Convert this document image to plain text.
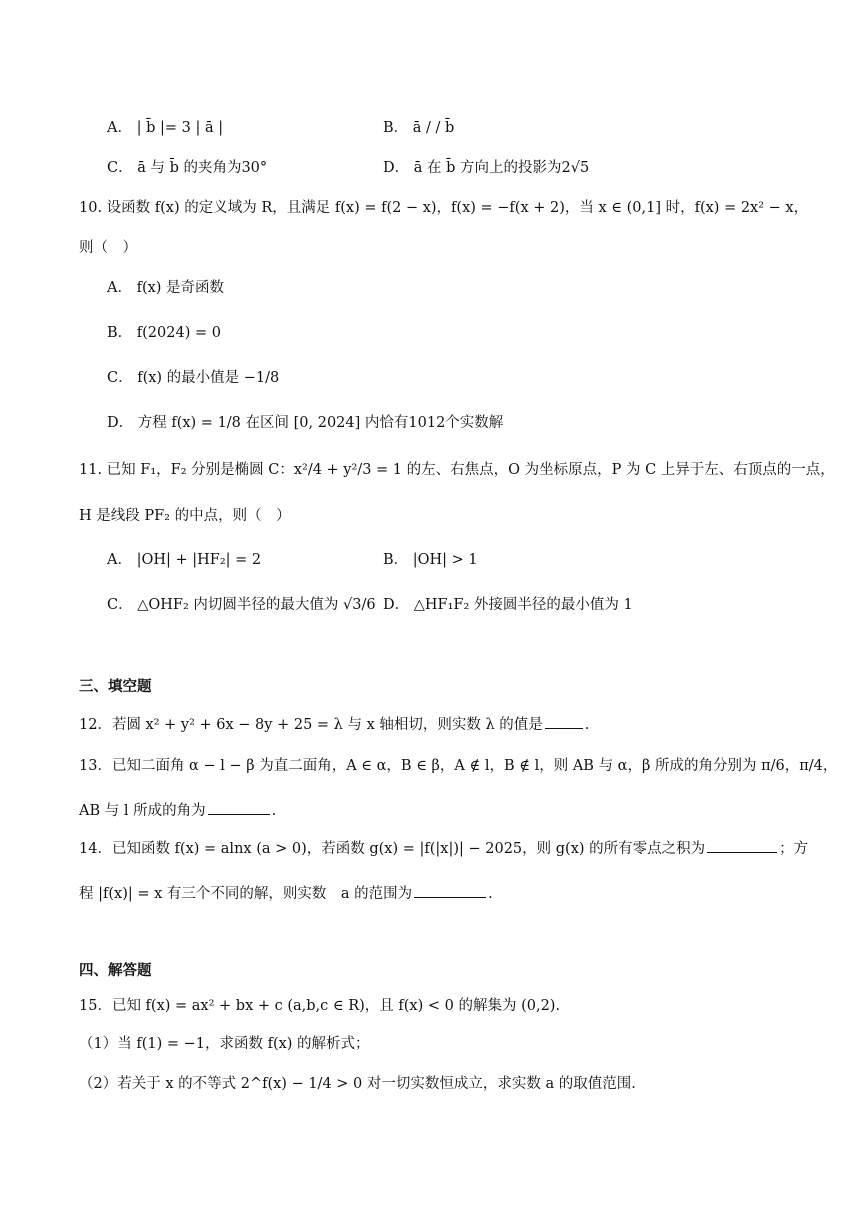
A． | b̄ |= 3 | ā |	B． ā / / b̄
C． ā 与 b̄ 的夹角为30°	D． ā 在 b̄ 方向上的投影为2√5
10. 设函数 f(x) 的定义域为 R，且满足 f(x) = f(2 − x)，f(x) = −f(x + 2)，当 x ∈ (0,1] 时，f(x) = 2x² − x，
则（　）
A． f(x) 是奇函数
B． f(2024) = 0
C． f(x) 的最小值是 −1/8
D． 方程 f(x) = 1/8 在区间 [0, 2024] 内恰有1012个实数解
11. 已知 F₁，F₂ 分别是椭圆 C：x²/4 + y²/3 = 1 的左、右焦点，O 为坐标原点，P 为 C 上异于左、右顶点的一点，
H 是线段 PF₂ 的中点，则（　）
A． |OH| + |HF₂| = 2	B． |OH| > 1
C． △OHF₂ 内切圆半径的最大值为 √3/6 D． △HF₁F₂ 外接圆半径的最小值为 1
三、填空题
12．若圆 x² + y² + 6x − 8y + 25 = λ 与 x 轴相切，则实数 λ 的值是	.
13．已知二面角 α − l − β 为直二面角，A ∈ α，B ∈ β，A ∉ l，B ∉ l，则 AB 与 α，β 所成的角分别为 π/6，π/4，
AB 与 l 所成的角为	.
14．已知函数 f(x) = alnx (a > 0)，若函数 g(x) = |f(|x|)| − 2025，则 g(x) 的所有零点之积为	；方
程 |f(x)| = x 有三个不同的解，则实数　a 的范围为	.
四、解答题
15．已知 f(x) = ax² + bx + c (a,b,c ∈ R)，且 f(x) < 0 的解集为 (0,2).
（1）当 f(1) = −1，求函数 f(x) 的解析式；
（2）若关于 x 的不等式 2^f(x) − 1/4 > 0 对一切实数恒成立，求实数 a 的取值范围.
